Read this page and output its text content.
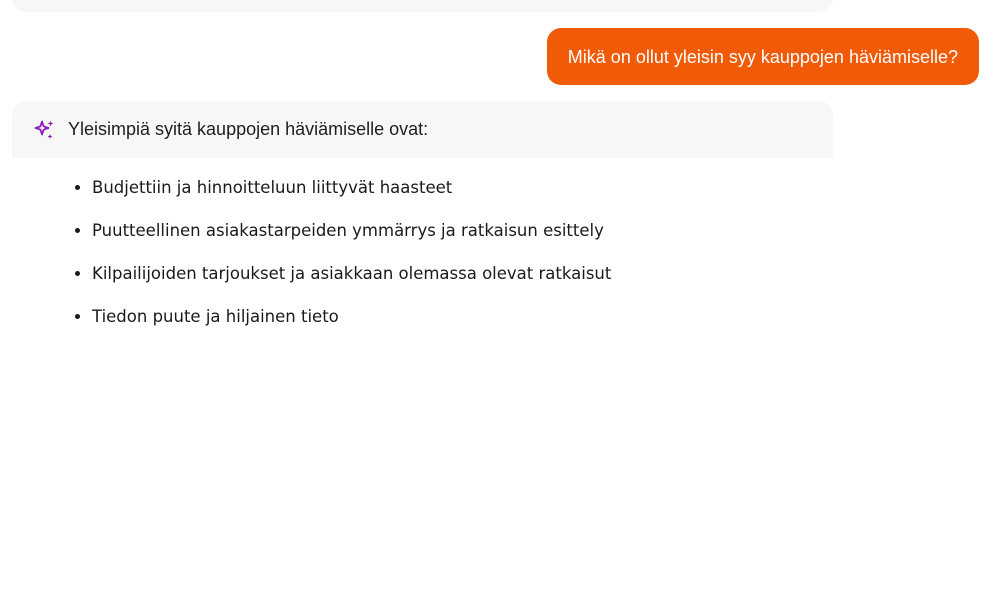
Mikä on ollut yleisin syy kauppojen häviämiselle?
Yleisimpiä syitä kauppojen häviämiselle ovat:
• Budjettiin ja hinnoitteluun liittyvät haasteet
• Puutteellinen asiakastarpeiden ymmärrys ja ratkaisun esittely
• Kilpailijoiden tarjoukset ja asiakkaan olemassa olevat ratkaisut
• Tiedon puute ja hiljainen tieto
